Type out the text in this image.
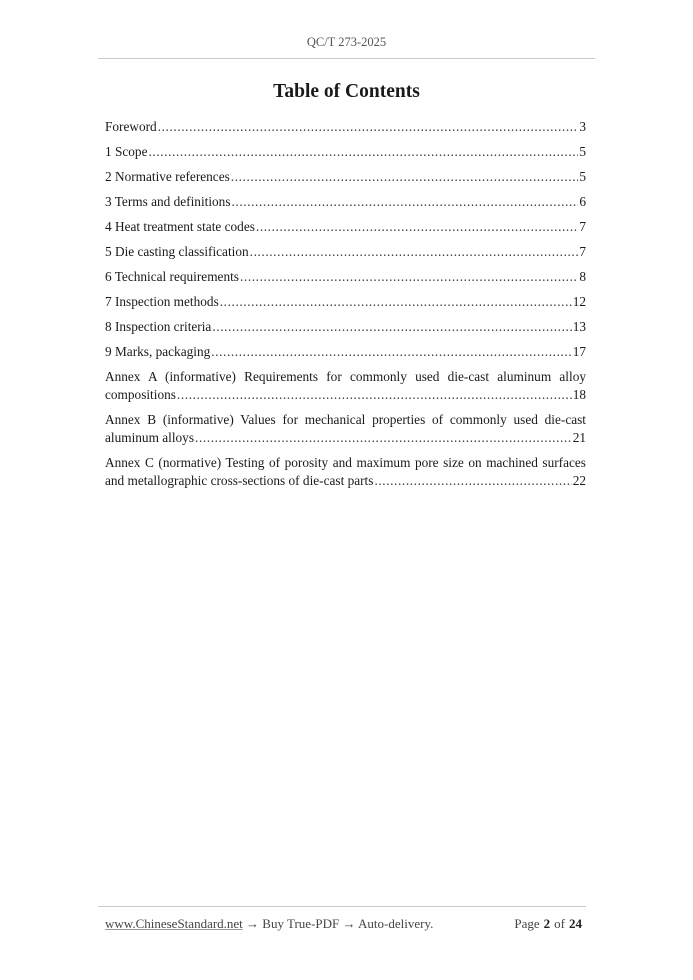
QC/T 273-2025
Table of Contents
Foreword .....	3
1 Scope .....	5
2 Normative references .....	5
3 Terms and definitions .....	6
4 Heat treatment state codes .....	7
5 Die casting classification .....	7
6 Technical requirements .....	8
7 Inspection methods .....	12
8 Inspection criteria .....	13
9 Marks, packaging .....	17
Annex A (informative) Requirements for commonly used die-cast aluminum alloy
compositions .....	18
Annex B (informative) Values for mechanical properties of commonly used die-cast
aluminum alloys .....	21
Annex C (normative) Testing of porosity and maximum pore size on machined surfaces
and metallographic cross-sections of die-cast parts .....	22
www.ChineseStandard.net → Buy True-PDF → Auto-delivery.	Page 2 of 24
